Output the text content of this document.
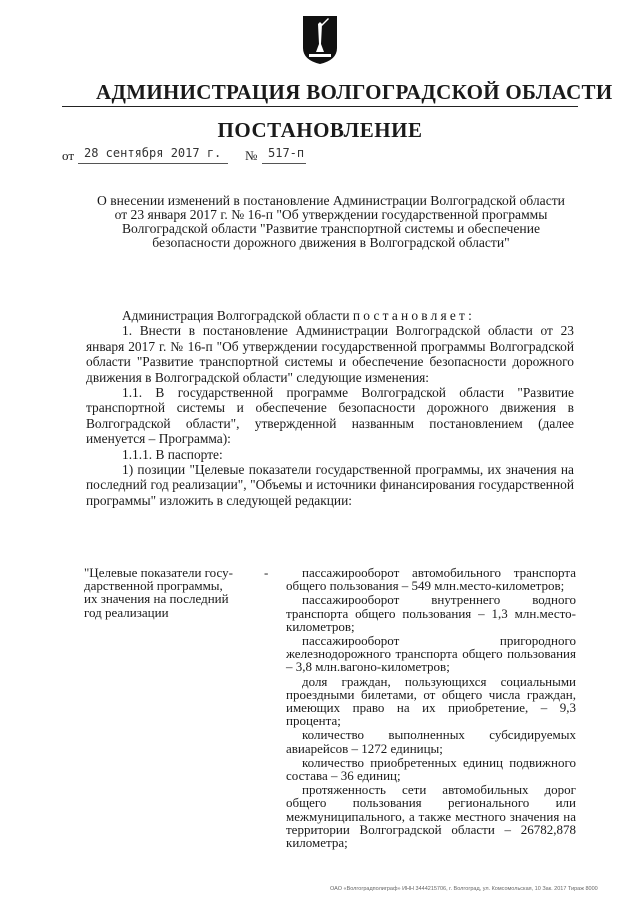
АДМИНИСТРАЦИЯ ВОЛГОГРАДСКОЙ ОБЛАСТИ
ПОСТАНОВЛЕНИЕ
от 28 сентября 2017 г. № 517-п
О внесении изменений в постановление Администрации Волгоградской области
от 23 января 2017 г. № 16-п "Об утверждении государственной программы
Волгоградской области "Развитие транспортной системы и обеспечение
безопасности дорожного движения в Волгоградской области"
Администрация Волгоградской области постановляет:
1. Внести в постановление Администрации Волгоградской области от 23 января 2017 г. № 16-п "Об утверждении государственной программы Волгоградской области "Развитие транспортной системы и обеспечение безопасности дорожного движения в Волгоградской области" следующие изменения:
1.1. В государственной программе Волгоградской области "Развитие транспортной системы и обеспечение безопасности дорожного движения в Волгоградской области", утвержденной названным постановлением (далее именуется – Программа):
1.1.1. В паспорте:
1) позиции "Целевые показатели государственной программы, их значения на последний год реализации", "Объемы и источники финансирования государственной программы" изложить в следующей редакции:
"Целевые показатели госу-
дарственной программы,
их значения на последний
год реализации
-	пассажирооборот автомобильного транспорта общего пользования – 549 млн.место-километров;
пассажирооборот внутреннего водного транспорта общего пользования – 1,3 млн.место-километров;
пассажирооборот пригородного железнодорожного транспорта общего пользования – 3,8 млн.вагоно-километров;
доля граждан, пользующихся социальными проездными билетами, от общего числа граждан, имеющих право на их приобретение, – 9,3 процента;
количество выполненных субсидируемых авиарейсов – 1272 единицы;
количество приобретенных единиц подвижного состава – 36 единиц;
протяженность сети автомобильных дорог общего пользования регионального или межмуниципального, а также местного значения на территории Волгоградской области – 26782,878 километра;
ОАО «Волгоградполиграф» ИНН 3444215706, г. Волгоград, ул. Комсомольская, 10 Зак. 2017 Тираж 8000
